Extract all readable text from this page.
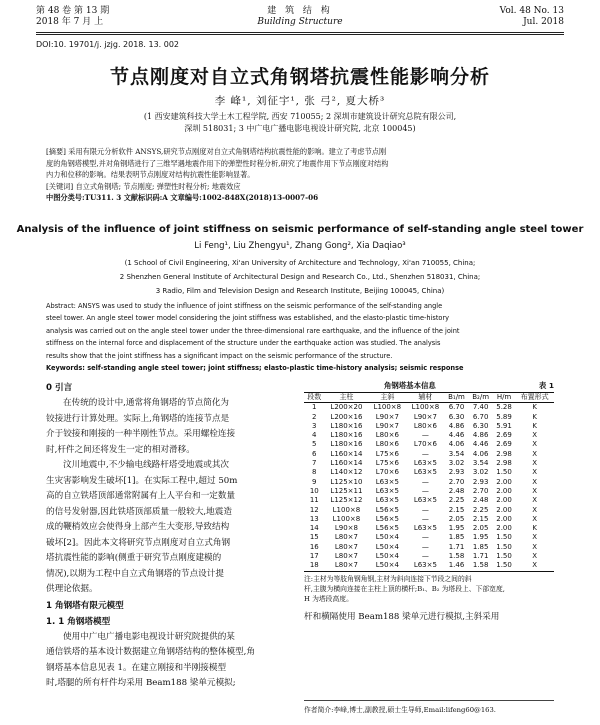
第 48 卷 第 13 期
2018 年 7 月 上
建 筑 结 构
Building Structure
Vol. 48 No. 13
Jul. 2018
DOI:10. 19701/j. jzjg. 2018. 13. 002
节点刚度对自立式角钢塔抗震性能影响分析
李 峰¹, 刘征宇¹, 张 弓², 夏大桥³
(1 西安建筑科技大学土木工程学院, 西安 710055; 2 深圳市建筑设计研究总院有限公司,
深圳 518031; 3 中广电广播电影电视设计研究院, 北京 100045)
[摘要] 采用有限元分析软件 ANSYS,研究节点刚度对自立式角钢塔结构抗震性能的影响。建立了考虑节点刚
度的角钢塔模型,并对角钢塔进行了三维罕遇地震作用下的弹塑性时程分析,研究了地震作用下节点刚度对结构
内力和位移的影响。结果表明节点刚度对结构抗震性能影响显著。
[关键词] 自立式角钢塔; 节点刚度; 弹塑性时程分析; 地震效应
中图分类号:TU311. 3 文献标识码:A 文章编号:1002-848X(2018)13-0007-06
Analysis of the influence of joint stiffness on seismic performance of self-standing angle steel tower
Li Feng¹, Liu Zhengyu¹, Zhang Gong², Xia Daqiao³
(1 School of Civil Engineering, Xi'an University of Architecture and Technology, Xi'an 710055, China;
2 Shenzhen General Institute of Architectural Design and Research Co., Ltd., Shenzhen 518031, China;
3 Radio, Film and Television Design and Research Institute, Beijing 100045, China)
Abstract: ANSYS was used to study the influence of joint stiffness on the seismic performance of the self-standing angle
steel tower. An angle steel tower model considering the joint stiffness was established, and the elasto-plastic time-history
analysis was carried out on the angle steel tower under the three-dimensional rare earthquake, and the influence of the joint
stiffness on the internal force and displacement of the structure under the earthquake action was studied. The analysis
results show that the joint stiffness has a significant impact on the seismic performance of the structure.
Keywords: self-standing angle steel tower; joint stiffness; elasto-plastic time-history analysis; seismic response
0 引言
在传统的设计中,通常将角钢塔的节点简化为
铰接进行计算处理。实际上,角钢塔的连接节点是
介于铰接和刚接的一种半刚性节点。采用螺栓连接
时,杆件之间还将发生一定的相对滑移。
汶川地震中,不少输电线路杆塔受地震或其次
生灾害影响发生破坏[1]。在实际工程中,超过 50m
高的自立铁塔顶部通常附属有上人平台和一定数量
的信号发射器,因此铁塔顶部质量一般较大,地震造
成的鞭梢效应会使得身上部产生大变形,导致结构
破坏[2]。因此本文将研究节点刚度对自立式角钢
塔抗震性能的影响(侧重于研究节点刚度建模的
情况),以期为工程中自立式角钢塔的节点设计提
供理论依据。
1 角钢塔有限元模型
1. 1 角钢塔模型
使用中广电广播电影电视设计研究院提供的某
通信铁塔的基本设计数据建立角钢塔结构的整体模型,角
钢塔基本信息见表 1。在建立刚接和半刚接模型
时,塔腿的所有杆件均采用 Beam188 梁单元模拟;
角钢塔基本信息	表 1
段数	主柱	主斜	辅材	B₁/m	B₂/m	H/m	布置形式
1	L200×20	L100×8	L100×8	6.70	7.40	5.28	K
2	L200×16	L90×7	L90×7	6.30	6.70	5.89	K
3	L180×16	L90×7	L80×6	4.86	6.30	5.91	K
4	L180×16	L80×6	—	4.46	4.86	2.69	X
5	L180×16	L80×6	L70×6	4.06	4.46	2.69	X
6	L160×14	L75×6	—	3.54	4.06	2.98	X
7	L160×14	L75×6	L63×5	3.02	3.54	2.98	X
8	L140×12	L70×6	L63×5	2.93	3.02	1.50	X
9	L125×10	L63×5	—	2.70	2.93	2.00	X
10	L125×11	L63×5	—	2.48	2.70	2.00	X
11	L125×12	L63×5	L63×5	2.25	2.48	2.00	X
12	L100×8	L56×5	—	2.15	2.25	2.00	X
13	L100×8	L56×5	—	2.05	2.15	2.00	X
14	L90×8	L56×5	L63×5	1.95	2.05	2.00	K
15	L80×7	L50×4	—	1.85	1.95	1.50	X
16	L80×7	L50×4	—	1.71	1.85	1.50	X
17	L80×7	L50×4	—	1.58	1.71	1.50	X
18	L80×7	L50×4	L63×5	1.46	1.58	1.50	X
注:主材为等肢角钢角钢,主材为斜向连接下节段之间的斜
杆,主腹为横向连接在主柱上顶的横杆;B₁、B₂ 为塔段上、下部宽度,
H 为塔段高度。
杆和横隔使用 Beam188 梁单元进行模拟,主斜采用
作者简介:李峰,博士,副教授,硕士生导师,Email:lifeng60@163.
